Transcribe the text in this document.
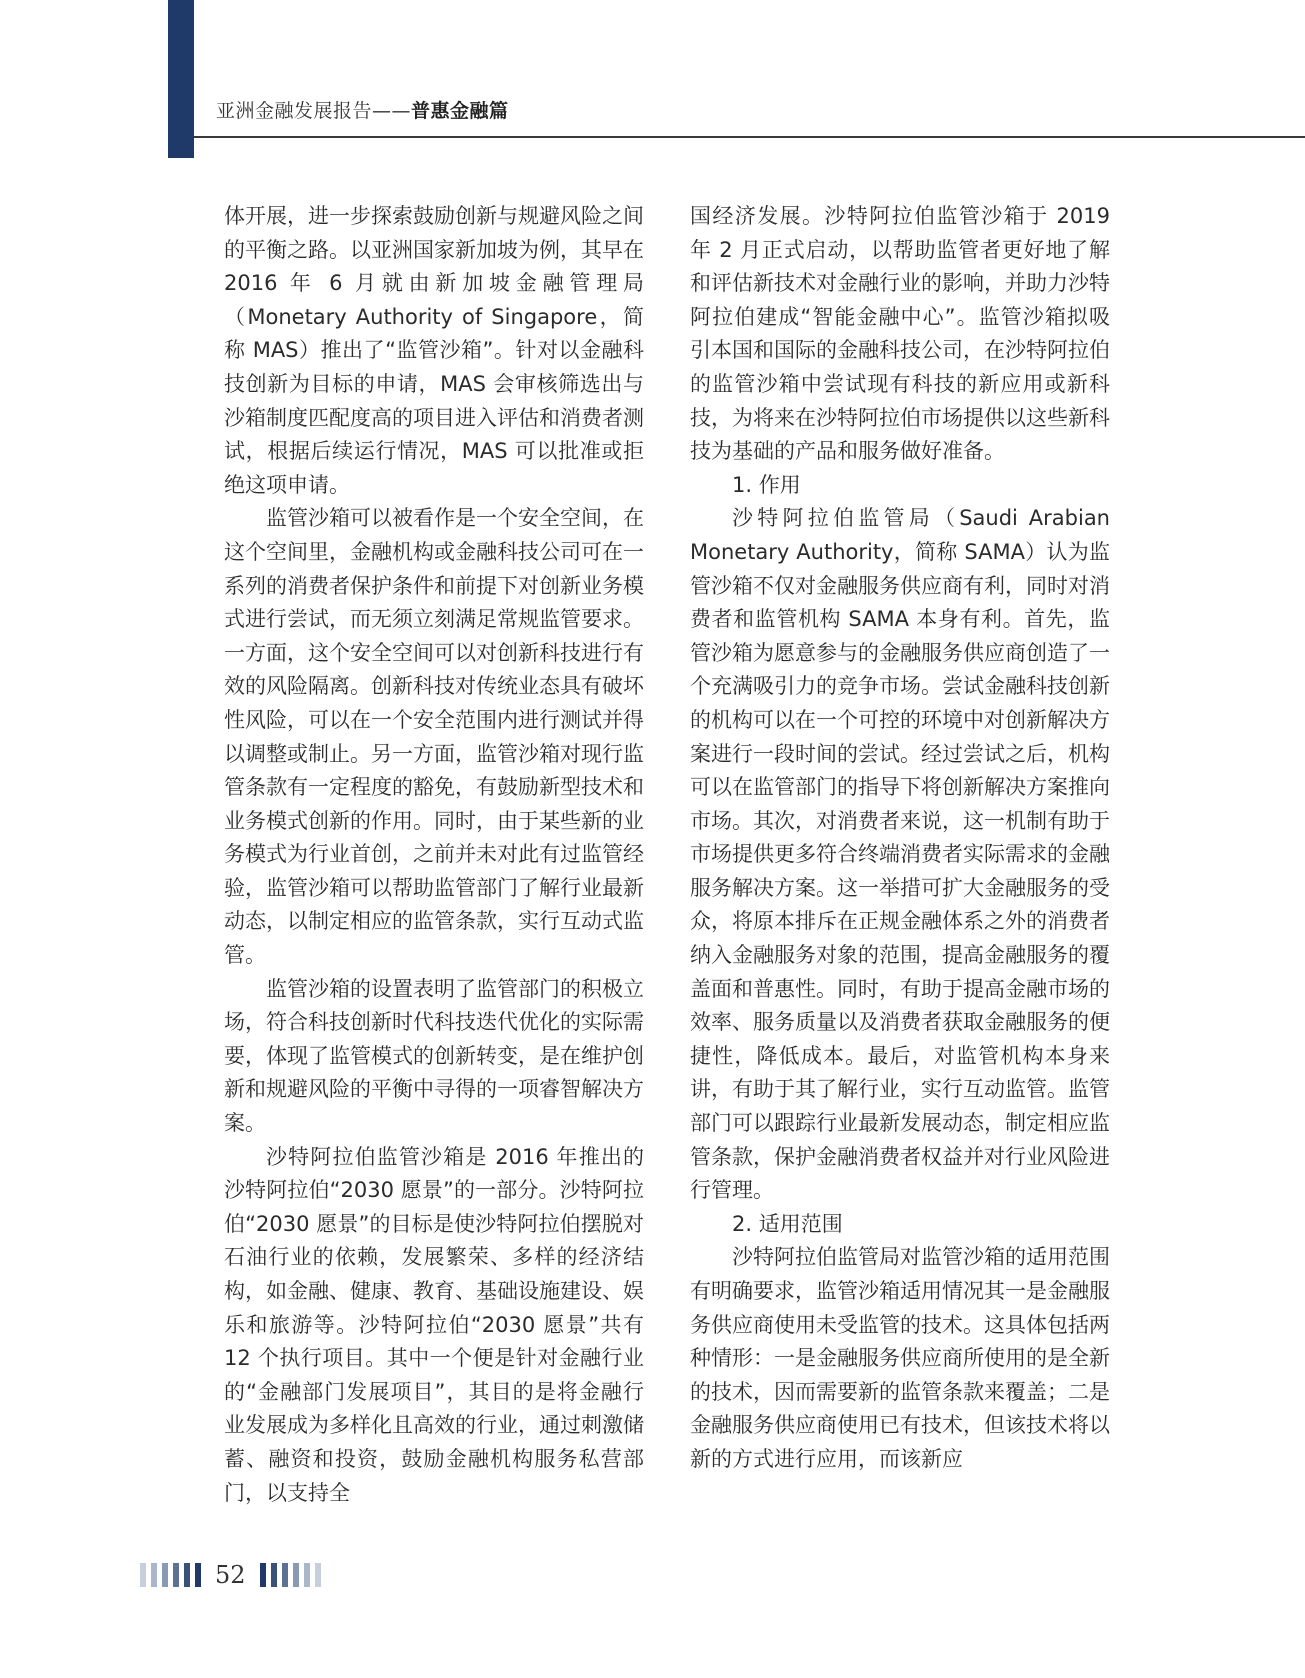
亚洲金融发展报告——普惠金融篇

体开展，进一步探索鼓励创新与规避风险之间的平衡之路。以亚洲国家新加坡为例，其早在 2016 年 6 月就由新加坡金融管理局（Monetary Authority of Singapore，简称 MAS）推出了“监管沙箱”。针对以金融科技创新为目标的申请，MAS 会审核筛选出与沙箱制度匹配度高的项目进入评估和消费者测试，根据后续运行情况，MAS 可以批准或拒绝这项申请。

监管沙箱可以被看作是一个安全空间，在这个空间里，金融机构或金融科技公司可在一系列的消费者保护条件和前提下对创新业务模式进行尝试，而无须立刻满足常规监管要求。一方面，这个安全空间可以对创新科技进行有效的风险隔离。创新科技对传统业态具有破坏性风险，可以在一个安全范围内进行测试并得以调整或制止。另一方面，监管沙箱对现行监管条款有一定程度的豁免，有鼓励新型技术和业务模式创新的作用。同时，由于某些新的业务模式为行业首创，之前并未对此有过监管经验，监管沙箱可以帮助监管部门了解行业最新动态，以制定相应的监管条款，实行互动式监管。

监管沙箱的设置表明了监管部门的积极立场，符合科技创新时代科技迭代优化的实际需要，体现了监管模式的创新转变，是在维护创新和规避风险的平衡中寻得的一项睿智解决方案。

沙特阿拉伯监管沙箱是 2016 年推出的沙特阿拉伯“2030 愿景”的一部分。沙特阿拉伯“2030 愿景”的目标是使沙特阿拉伯摆脱对石油行业的依赖，发展繁荣、多样的经济结构，如金融、健康、教育、基础设施建设、娱乐和旅游等。沙特阿拉伯“2030 愿景”共有 12 个执行项目。其中一个便是针对金融行业的“金融部门发展项目”，其目的是将金融行业发展成为多样化且高效的行业，通过刺激储蓄、融资和投资，鼓励金融机构服务私营部门，以支持全

国经济发展。沙特阿拉伯监管沙箱于 2019 年 2 月正式启动，以帮助监管者更好地了解和评估新技术对金融行业的影响，并助力沙特阿拉伯建成“智能金融中心”。监管沙箱拟吸引本国和国际的金融科技公司，在沙特阿拉伯的监管沙箱中尝试现有科技的新应用或新科技，为将来在沙特阿拉伯市场提供以这些新科技为基础的产品和服务做好准备。

1. 作用

沙特阿拉伯监管局（Saudi Arabian Monetary Authority，简称 SAMA）认为监管沙箱不仅对金融服务供应商有利，同时对消费者和监管机构 SAMA 本身有利。首先，监管沙箱为愿意参与的金融服务供应商创造了一个充满吸引力的竞争市场。尝试金融科技创新的机构可以在一个可控的环境中对创新解决方案进行一段时间的尝试。经过尝试之后，机构可以在监管部门的指导下将创新解决方案推向市场。其次，对消费者来说，这一机制有助于市场提供更多符合终端消费者实际需求的金融服务解决方案。这一举措可扩大金融服务的受众，将原本排斥在正规金融体系之外的消费者纳入金融服务对象的范围，提高金融服务的覆盖面和普惠性。同时，有助于提高金融市场的效率、服务质量以及消费者获取金融服务的便捷性，降低成本。最后，对监管机构本身来讲，有助于其了解行业，实行互动监管。监管部门可以跟踪行业最新发展动态，制定相应监管条款，保护金融消费者权益并对行业风险进行管理。

2. 适用范围

沙特阿拉伯监管局对监管沙箱的适用范围有明确要求，监管沙箱适用情况其一是金融服务供应商使用未受监管的技术。这具体包括两种情形：一是金融服务供应商所使用的是全新的技术，因而需要新的监管条款来覆盖；二是金融服务供应商使用已有技术，但该技术将以新的方式进行应用，而该新应

52
